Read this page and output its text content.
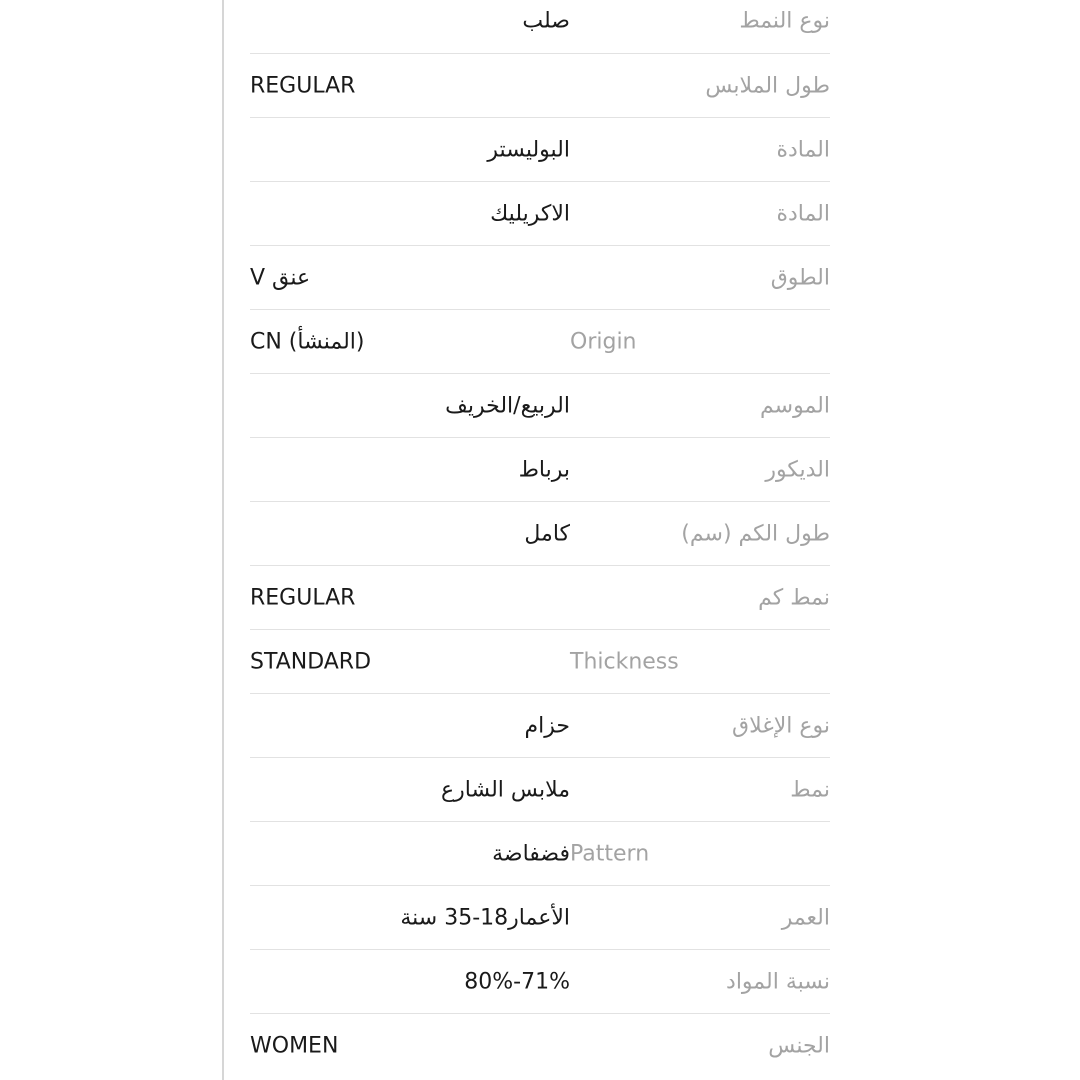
نوع النمط
صلب
طول الملابس
REGULAR
المادة
البوليستر
المادة
الاكريليك
الطوق
عنق V
Origin
CN (المنشأ)
الموسم
الربيع/الخريف
الديكور
برباط
طول الكم (سم)
كامل
نمط كم
REGULAR
Thickness
STANDARD
نوع الإغلاق
حزام
نمط
ملابس الشارع
Pattern
فضفاضة
العمر
الأعمار18-35 سنة
نسبة المواد
71%-80%
الجنس
WOMEN
